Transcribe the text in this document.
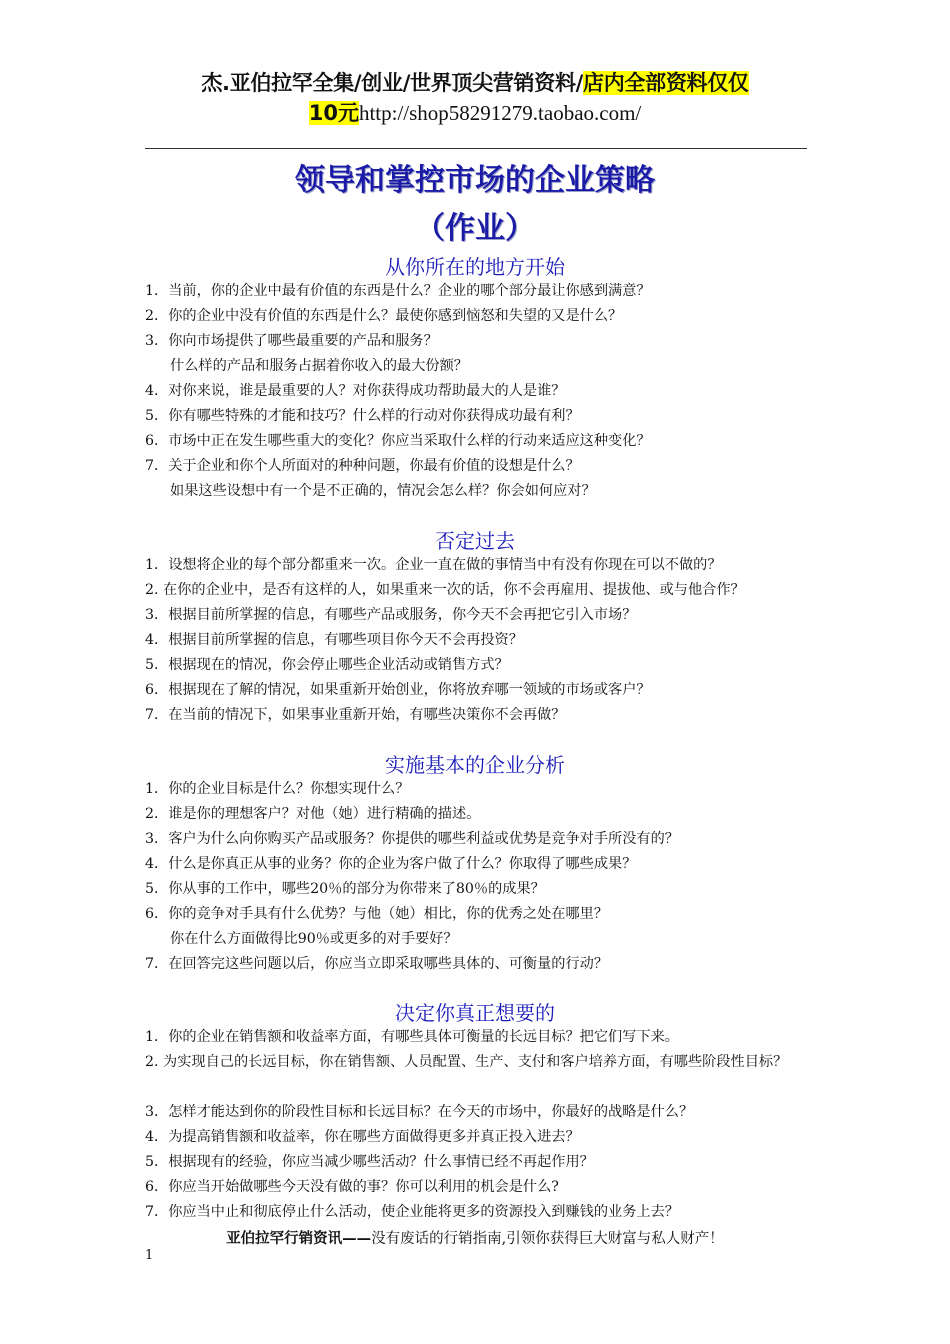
杰.亚伯拉罕全集/创业/世界顶尖营销资料/店内全部资料仅仅
10元http://shop58291279.taobao.com/
领导和掌控市场的企业策略
（作业）
从你所在的地方开始
1．当前，你的企业中最有价值的东西是什么？企业的哪个部分最让你感到满意？
2．你的企业中没有价值的东西是什么？最使你感到恼怒和失望的又是什么？
3．你向市场提供了哪些最重要的产品和服务？
什么样的产品和服务占据着你收入的最大份额？
4．对你来说，谁是最重要的人？对你获得成功帮助最大的人是谁？
5．你有哪些特殊的才能和技巧？什么样的行动对你获得成功最有利？
6．市场中正在发生哪些重大的变化？你应当采取什么样的行动来适应这种变化？
7．关于企业和你个人所面对的种种问题，你最有价值的设想是什么？
如果这些设想中有一个是不正确的，情况会怎么样？你会如何应对？
否定过去
1．设想将企业的每个部分都重来一次。企业一直在做的事情当中有没有你现在可以不做的？
2. 在你的企业中，是否有这样的人，如果重来一次的话，你不会再雇用、提拔他、或与他合作？
3．根据目前所掌握的信息，有哪些产品或服务，你今天不会再把它引入市场？
4．根据目前所掌握的信息，有哪些项目你今天不会再投资？
5．根据现在的情况，你会停止哪些企业活动或销售方式？
6．根据现在了解的情况，如果重新开始创业，你将放弃哪一领域的市场或客户？
7．在当前的情况下，如果事业重新开始，有哪些决策你不会再做？
实施基本的企业分析
1．你的企业目标是什么？你想实现什么？
2．谁是你的理想客户？对他（她）进行精确的描述。
3．客户为什么向你购买产品或服务？你提供的哪些利益或优势是竞争对手所没有的？
4．什么是你真正从事的业务？你的企业为客户做了什么？你取得了哪些成果？
5．你从事的工作中，哪些20％的部分为你带来了80％的成果？
6．你的竞争对手具有什么优势？与他（她）相比，你的优秀之处在哪里？
你在什么方面做得比90％或更多的对手要好？
7．在回答完这些问题以后，你应当立即采取哪些具体的、可衡量的行动？
决定你真正想要的
1．你的企业在销售额和收益率方面，有哪些具体可衡量的长远目标？把它们写下来。
2. 为实现自己的长远目标，你在销售额、人员配置、生产、支付和客户培养方面，有哪些阶段性目标？
3．怎样才能达到你的阶段性目标和长远目标？在今天的市场中，你最好的战略是什么？
4．为提高销售额和收益率，你在哪些方面做得更多并真正投入进去？
5．根据现有的经验，你应当减少哪些活动？什么事情已经不再起作用？
6．你应当开始做哪些今天没有做的事？你可以利用的机会是什么?
7．你应当中止和彻底停止什么活动，使企业能将更多的资源投入到赚钱的业务上去？
亚伯拉罕行销资讯——没有废话的行销指南,引领你获得巨大财富与私人财产！
1
